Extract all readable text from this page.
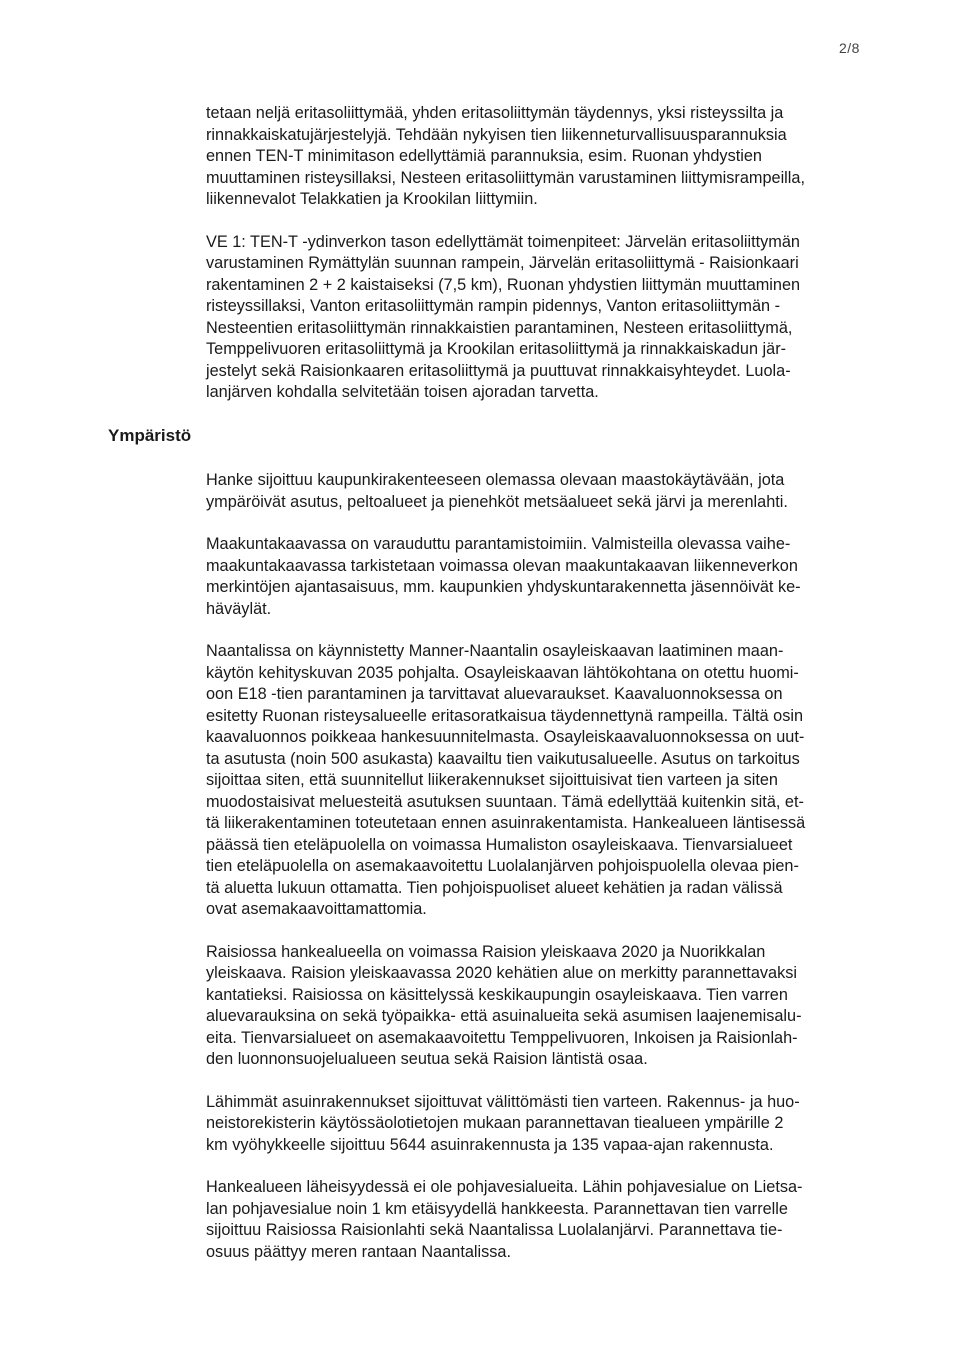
2/8

tetaan neljä eritasoliittymää, yhden eritasoliittymän täydennys, yksi risteyssilta ja
rinnakkaiskatujärjestelyjä. Tehdään nykyisen tien liikenneturvallisuusparannuksia
ennen TEN-T minimitason edellyttämiä parannuksia, esim. Ruonan yhdystien
muuttaminen risteysillaksi, Nesteen eritasoliittymän varustaminen liittymisrampeilla,
liikennevalot Telakkatien ja Krookilan liittymiin.

VE 1: TEN-T -ydinverkon tason edellyttämät toimenpiteet: Järvelän eritasoliittymän
varustaminen Rymättylän suunnan rampein, Järvelän eritasoliittymä - Raisionkaari
rakentaminen 2 + 2 kaistaiseksi (7,5 km), Ruonan yhdystien liittymän muuttaminen
risteyssillaksi, Vanton eritasoliittymän rampin pidennys, Vanton eritasoliittymän -
Nesteentien eritasoliittymän rinnakkaistien parantaminen, Nesteen eritasoliittymä,
Temppelivuoren eritasoliittymä ja Krookilan eritasoliittymä ja rinnakkaiskadun jär-
jestelyt sekä Raisionkaaren eritasoliittymä ja puuttuvat rinnakkaisyhteydet. Luola-
lanjärven kohdalla selvitetään toisen ajoradan tarvetta.

Ympäristö

Hanke sijoittuu kaupunkirakenteeseen olemassa olevaan maastokäytävään, jota
ympäröivät asutus, peltoalueet ja pienehköt metsäalueet sekä järvi ja merenlahti.

Maakuntakaavassa on varauduttu parantamistoimiin. Valmisteilla olevassa vaihe-
maakuntakaavassa tarkistetaan voimassa olevan maakuntakaavan liikenneverkon
merkintöjen ajantasaisuus, mm. kaupunkien yhdyskuntarakennetta jäsennöivät ke-
häväylät.

Naantalissa on käynnistetty Manner-Naantalin osayleiskaavan laatiminen maan-
käytön kehityskuvan 2035 pohjalta. Osayleiskaavan lähtökohtana on otettu huomi-
oon E18 -tien parantaminen ja tarvittavat aluevaraukset. Kaavaluonnoksessa on
esitetty Ruonan risteysalueelle eritasoratkaisua täydennettynä rampeilla. Tältä osin
kaavaluonnos poikkeaa hankesuunnitelmasta. Osayleiskaavaluonnoksessa on uut-
ta asutusta (noin 500 asukasta) kaavailtu tien vaikutusalueelle. Asutus on tarkoitus
sijoittaa siten, että suunnitellut liikerakennukset sijoittuisivat tien varteen ja siten
muodostaisivat meluesteitä asutuksen suuntaan. Tämä edellyttää kuitenkin sitä, et-
tä liikerakentaminen toteutetaan ennen asuinrakentamista. Hankealueen läntisessä
päässä tien eteläpuolella on voimassa Humaliston osayleiskaava. Tienvarsialueet
tien eteläpuolella on asemakaavoitettu Luolalanjärven pohjoispuolella olevaa pien-
tä aluetta lukuun ottamatta. Tien pohjoispuoliset alueet kehätien ja radan välissä
ovat asemakaavoittamattomia.

Raisiossa hankealueella on voimassa Raision yleiskaava 2020 ja Nuorikkalan
yleiskaava. Raision yleiskaavassa 2020 kehätien alue on merkitty parannettavaksi
kantatieksi. Raisiossa on käsittelyssä keskikaupungin osayleiskaava. Tien varren
aluevarauksina on sekä työpaikka- että asuinalueita sekä asumisen laajenemisalu-
eita. Tienvarsialueet on asemakaavoitettu Temppelivuoren, Inkoisen ja Raisionlah-
den luonnonsuojelualueen seutua sekä Raision läntistä osaa.

Lähimmät asuinrakennukset sijoittuvat välittömästi tien varteen. Rakennus- ja huo-
neistorekisterin käytössäolotietojen mukaan parannettavan tiealueen ympärille 2
km vyöhykkeelle sijoittuu 5644 asuinrakennusta ja 135 vapaa-ajan rakennusta.

Hankealueen läheisyydessä ei ole pohjavesialueita. Lähin pohjavesialue on Lietsa-
lan pohjavesialue noin 1 km etäisyydellä hankkeesta. Parannettavan tien varrelle
sijoittuu Raisiossa Raisionlahti sekä Naantalissa Luolalanjärvi. Parannettava tie-
osuus päättyy meren rantaan Naantalissa.
